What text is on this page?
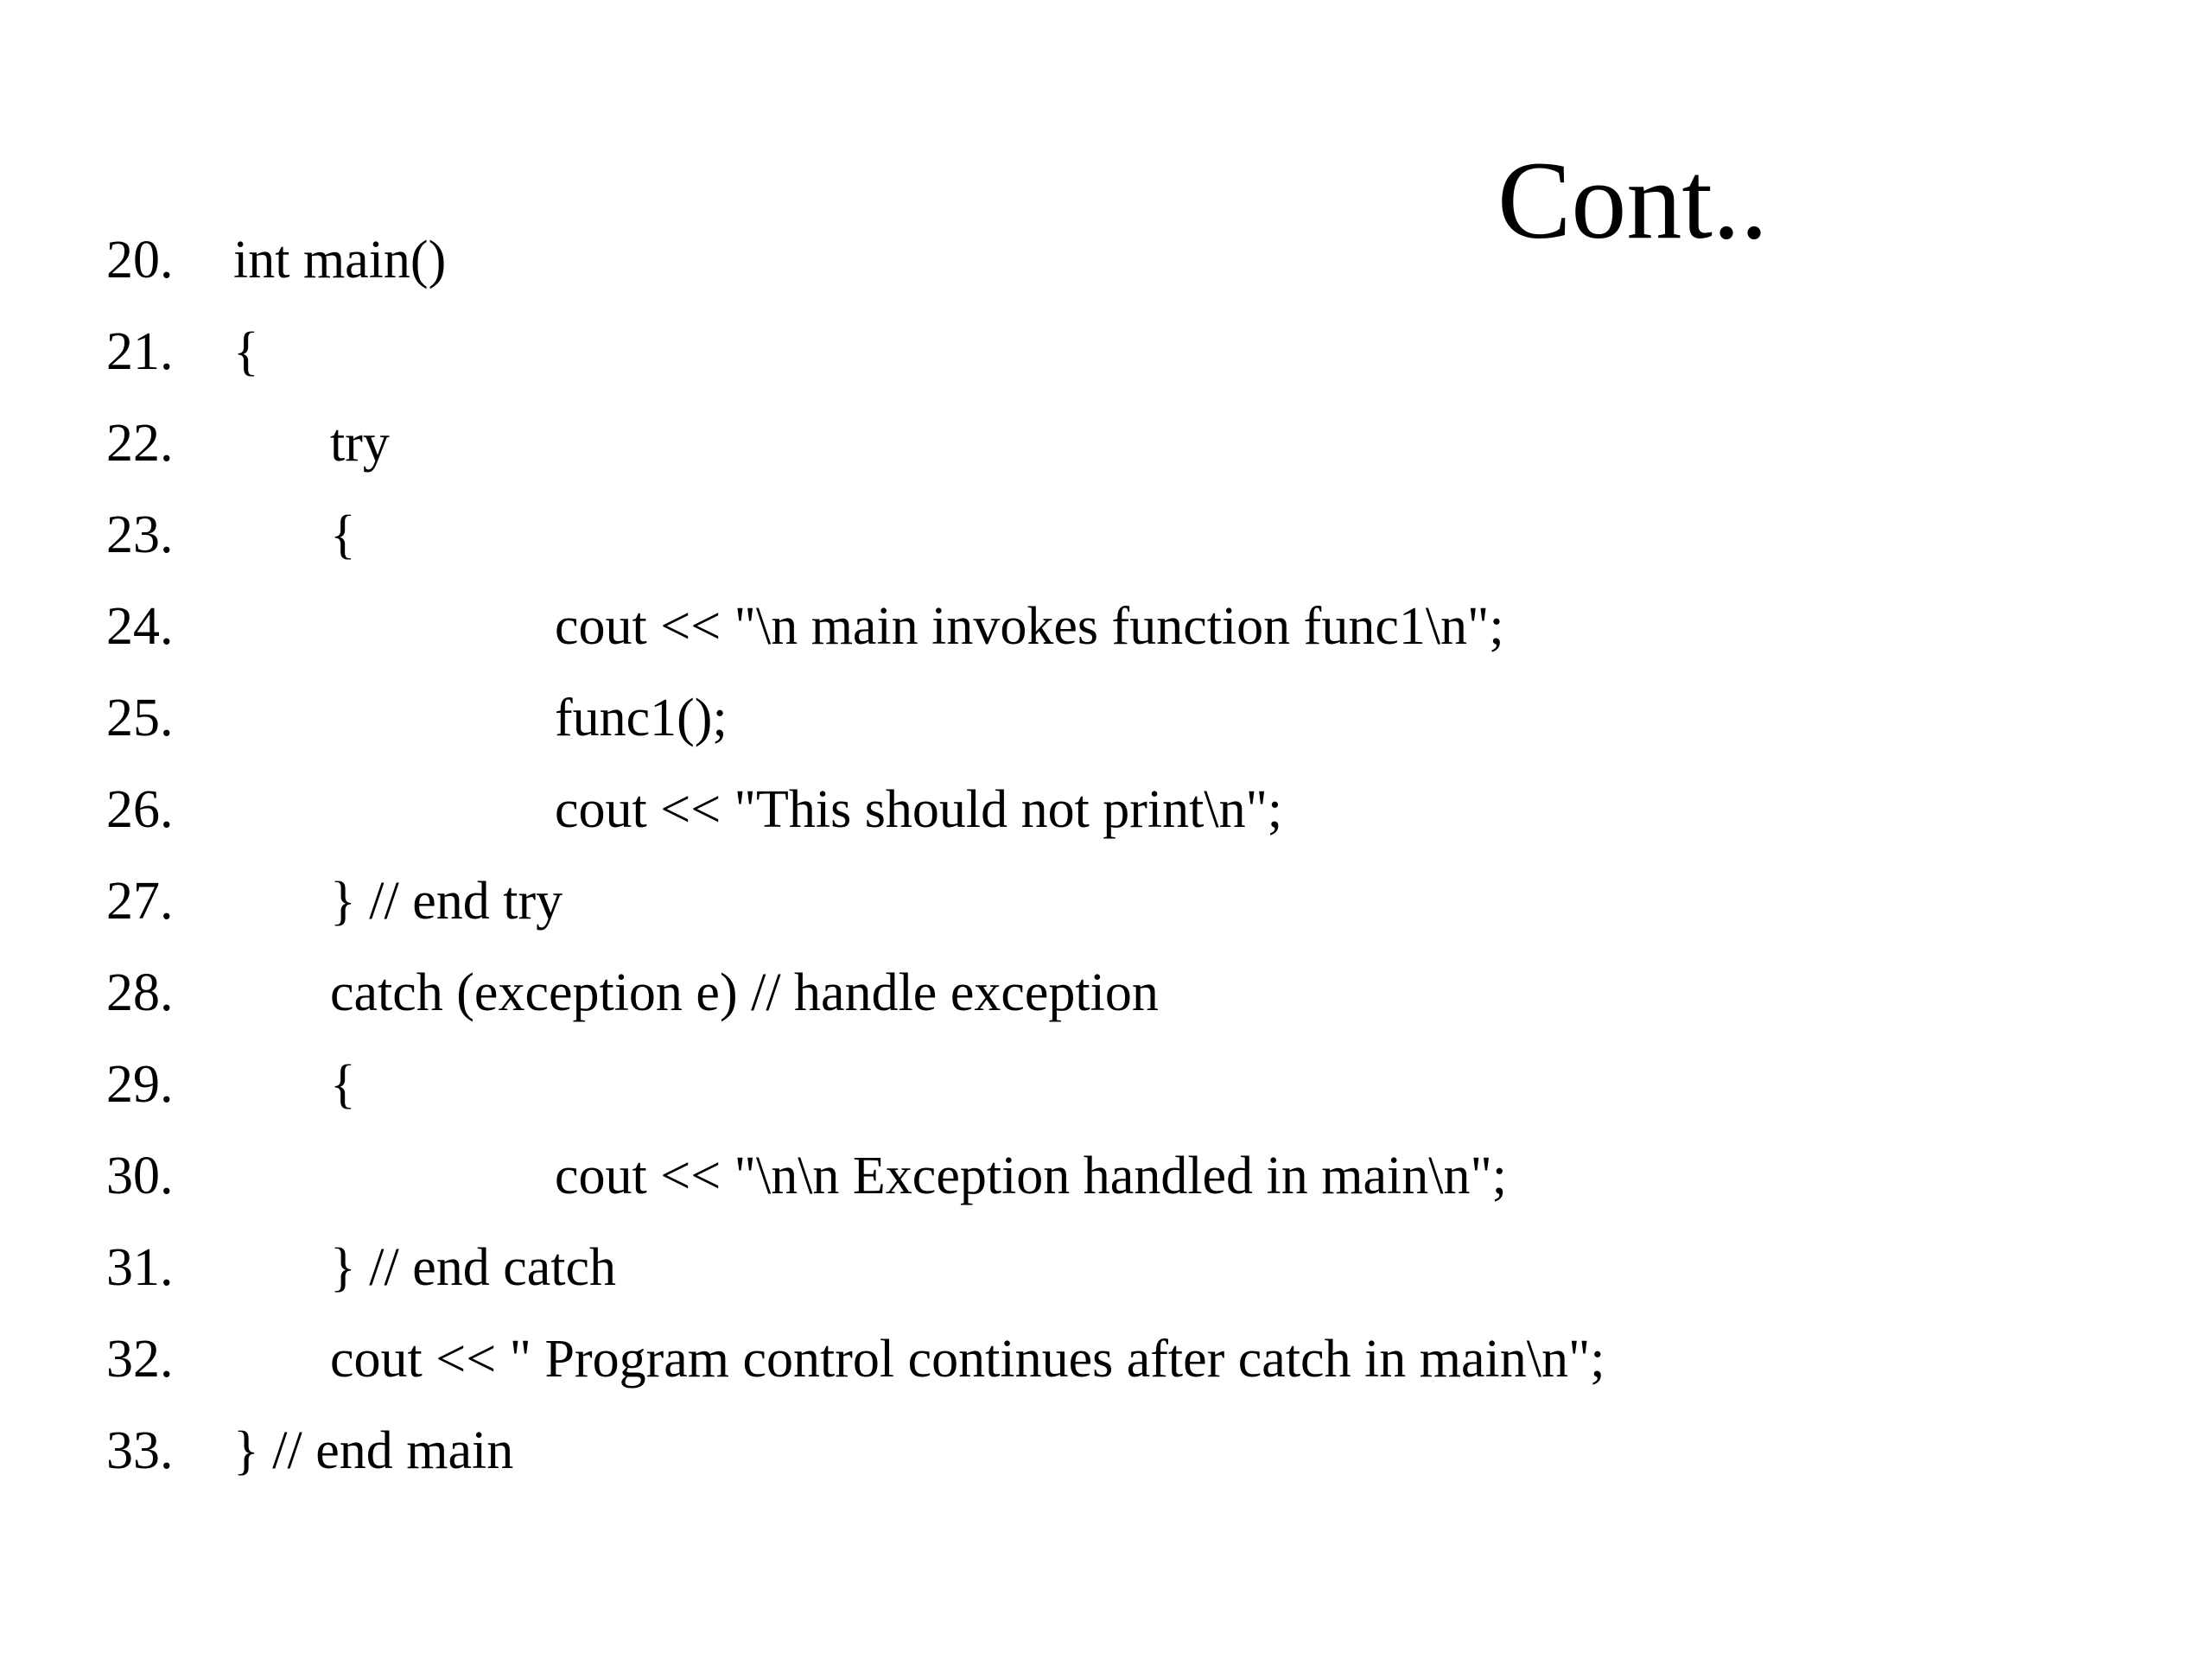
Cont..
20. int main()
21. {
22.	try
23.	{
24.	cout << "\n main invokes function func1\n";
25.	func1();
26.	cout << "This should not print\n";
27.	} // end try
28.	catch (exception e) // handle exception
29.	{
30.	cout << "\n\n Exception handled in main\n";
31.	} // end catch
32.	cout << " Program control continues after catch in main\n";
33. } // end main
